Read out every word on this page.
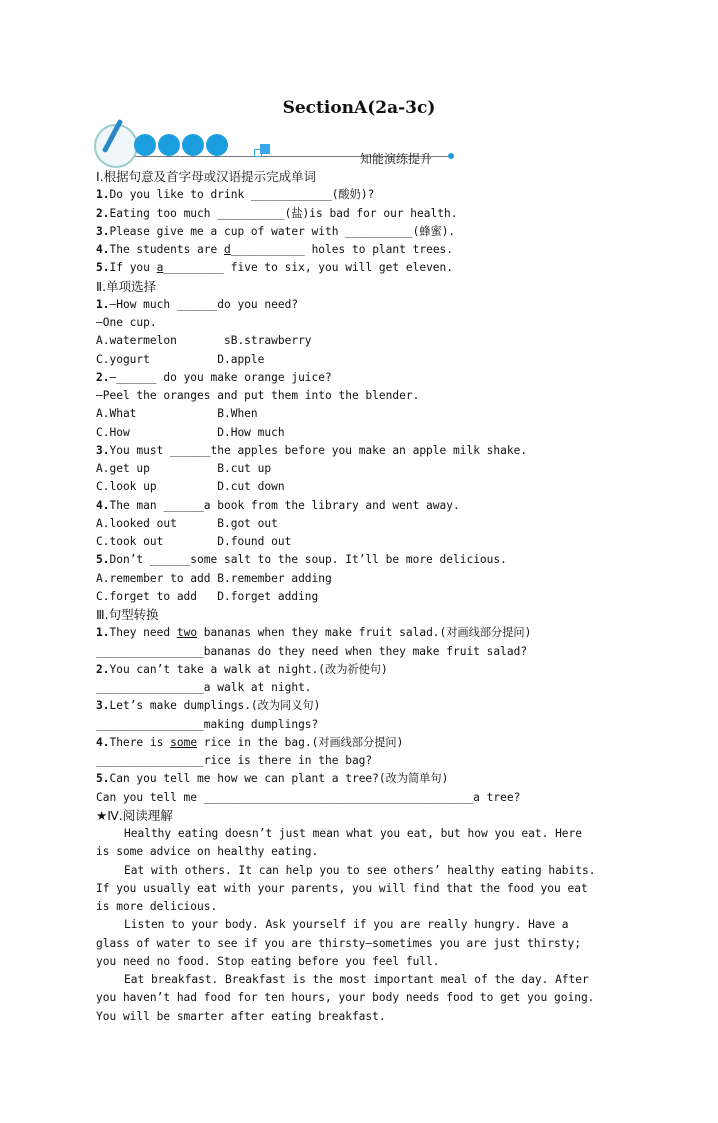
SectionA(2a-3c)
知能演练提升
Ⅰ.根据句意及首字母或汉语提示完成单词
1.Do you like to drink ____________(酸奶)?
2.Eating too much __________(盐)is bad for our health.
3.Please give me a cup of water with __________(蜂蜜).
4.The students are d___________ holes to plant trees.
5.If you a_________ five to six, you will get eleven.
Ⅱ.单项选择
1.—How much ______do you need?
—One cup.
A.watermelon       sB.strawberry
C.yogurt          D.apple
2.—______ do you make orange juice?
—Peel the oranges and put them into the blender.
A.What            B.When
C.How             D.How much
3.You must ______the apples before you make an apple milk shake.
A.get up          B.cut up
C.look up         D.cut down
4.The man ______a book from the library and went away.
A.looked out      B.got out
C.took out        D.found out
5.Don’t ______some salt to the soup. It’ll be more delicious.
A.remember to add B.remember adding
C.forget to add   D.forget adding
Ⅲ.句型转换
1.They need two bananas when they make fruit salad.(对画线部分提问)
________________bananas do they need when they make fruit salad?
2.You can’t take a walk at night.(改为祈使句)
________________a walk at night.
3.Let’s make dumplings.(改为同义句)
________________making dumplings?
4.There is some rice in the bag.(对画线部分提问)
________________rice is there in the bag?
5.Can you tell me how we can plant a tree?(改为简单句)
Can you tell me ________________________________________a tree?
★Ⅳ.阅读理解
Healthy eating doesn’t just mean what you eat, but how you eat. Here
is some advice on healthy eating.
Eat with others. It can help you to see others’ healthy eating habits.
If you usually eat with your parents, you will find that the food you eat
is more delicious.
Listen to your body. Ask yourself if you are really hungry. Have a
glass of water to see if you are thirsty—sometimes you are just thirsty;
you need no food. Stop eating before you feel full.
Eat breakfast. Breakfast is the most important meal of the day. After
you haven’t had food for ten hours, your body needs food to get you going.
You will be smarter after eating breakfast.
